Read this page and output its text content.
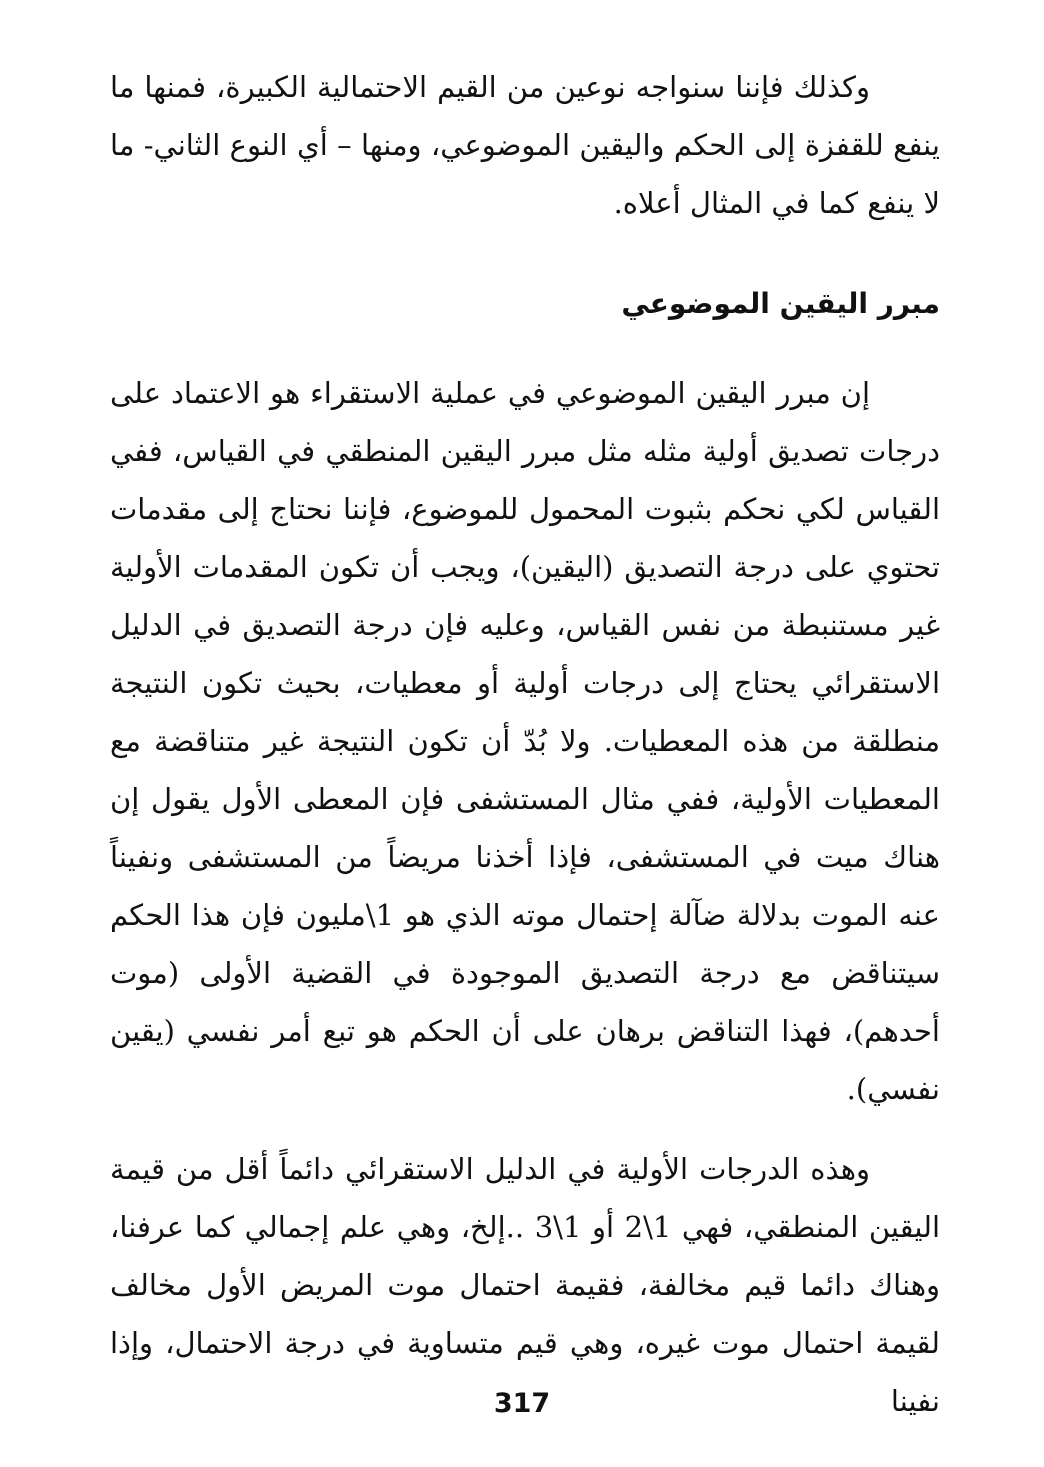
وكذلك فإننا سنواجه نوعين من القيم الاحتمالية الكبيرة، فمنها ما ينفع للقفزة إلى الحكم واليقين الموضوعي، ومنها – أي النوع الثاني- ما لا ينفع كما في المثال أعلاه.

مبرر اليقين الموضوعي

إن مبرر اليقين الموضوعي في عملية الاستقراء هو الاعتماد على درجات تصديق أولية مثله مثل مبرر اليقين المنطقي في القياس، ففي القياس لكي نحكم بثبوت المحمول للموضوع، فإننا نحتاج إلى مقدمات تحتوي على درجة التصديق (اليقين)، ويجب أن تكون المقدمات الأولية غير مستنبطة من نفس القياس، وعليه فإن درجة التصديق في الدليل الاستقرائي يحتاج إلى درجات أولية أو معطيات، بحيث تكون النتيجة منطلقة من هذه المعطيات. ولا بُدّ أن تكون النتيجة غير متناقضة مع المعطيات الأولية، ففي مثال المستشفى فإن المعطى الأول يقول إن هناك ميت في المستشفى، فإذا أخذنا مريضاً من المستشفى ونفيناً عنه الموت بدلالة ضآلة إحتمال موته الذي هو 1\مليون فإن هذا الحكم سيتناقض مع درجة التصديق الموجودة في القضية الأولى (موت أحدهم)، فهذا التناقض برهان على أن الحكم هو تبع أمر نفسي (يقين نفسي).

وهذه الدرجات الأولية في الدليل الاستقرائي دائماً أقل من قيمة اليقين المنطقي، فهي 1\2 أو 1\3 ..إلخ، وهي علم إجمالي كما عرفنا، وهناك دائما قيم مخالفة، فقيمة احتمال موت المريض الأول مخالف لقيمة احتمال موت غيره، وهي قيم متساوية في درجة الاحتمال، وإذا نفينا

317
